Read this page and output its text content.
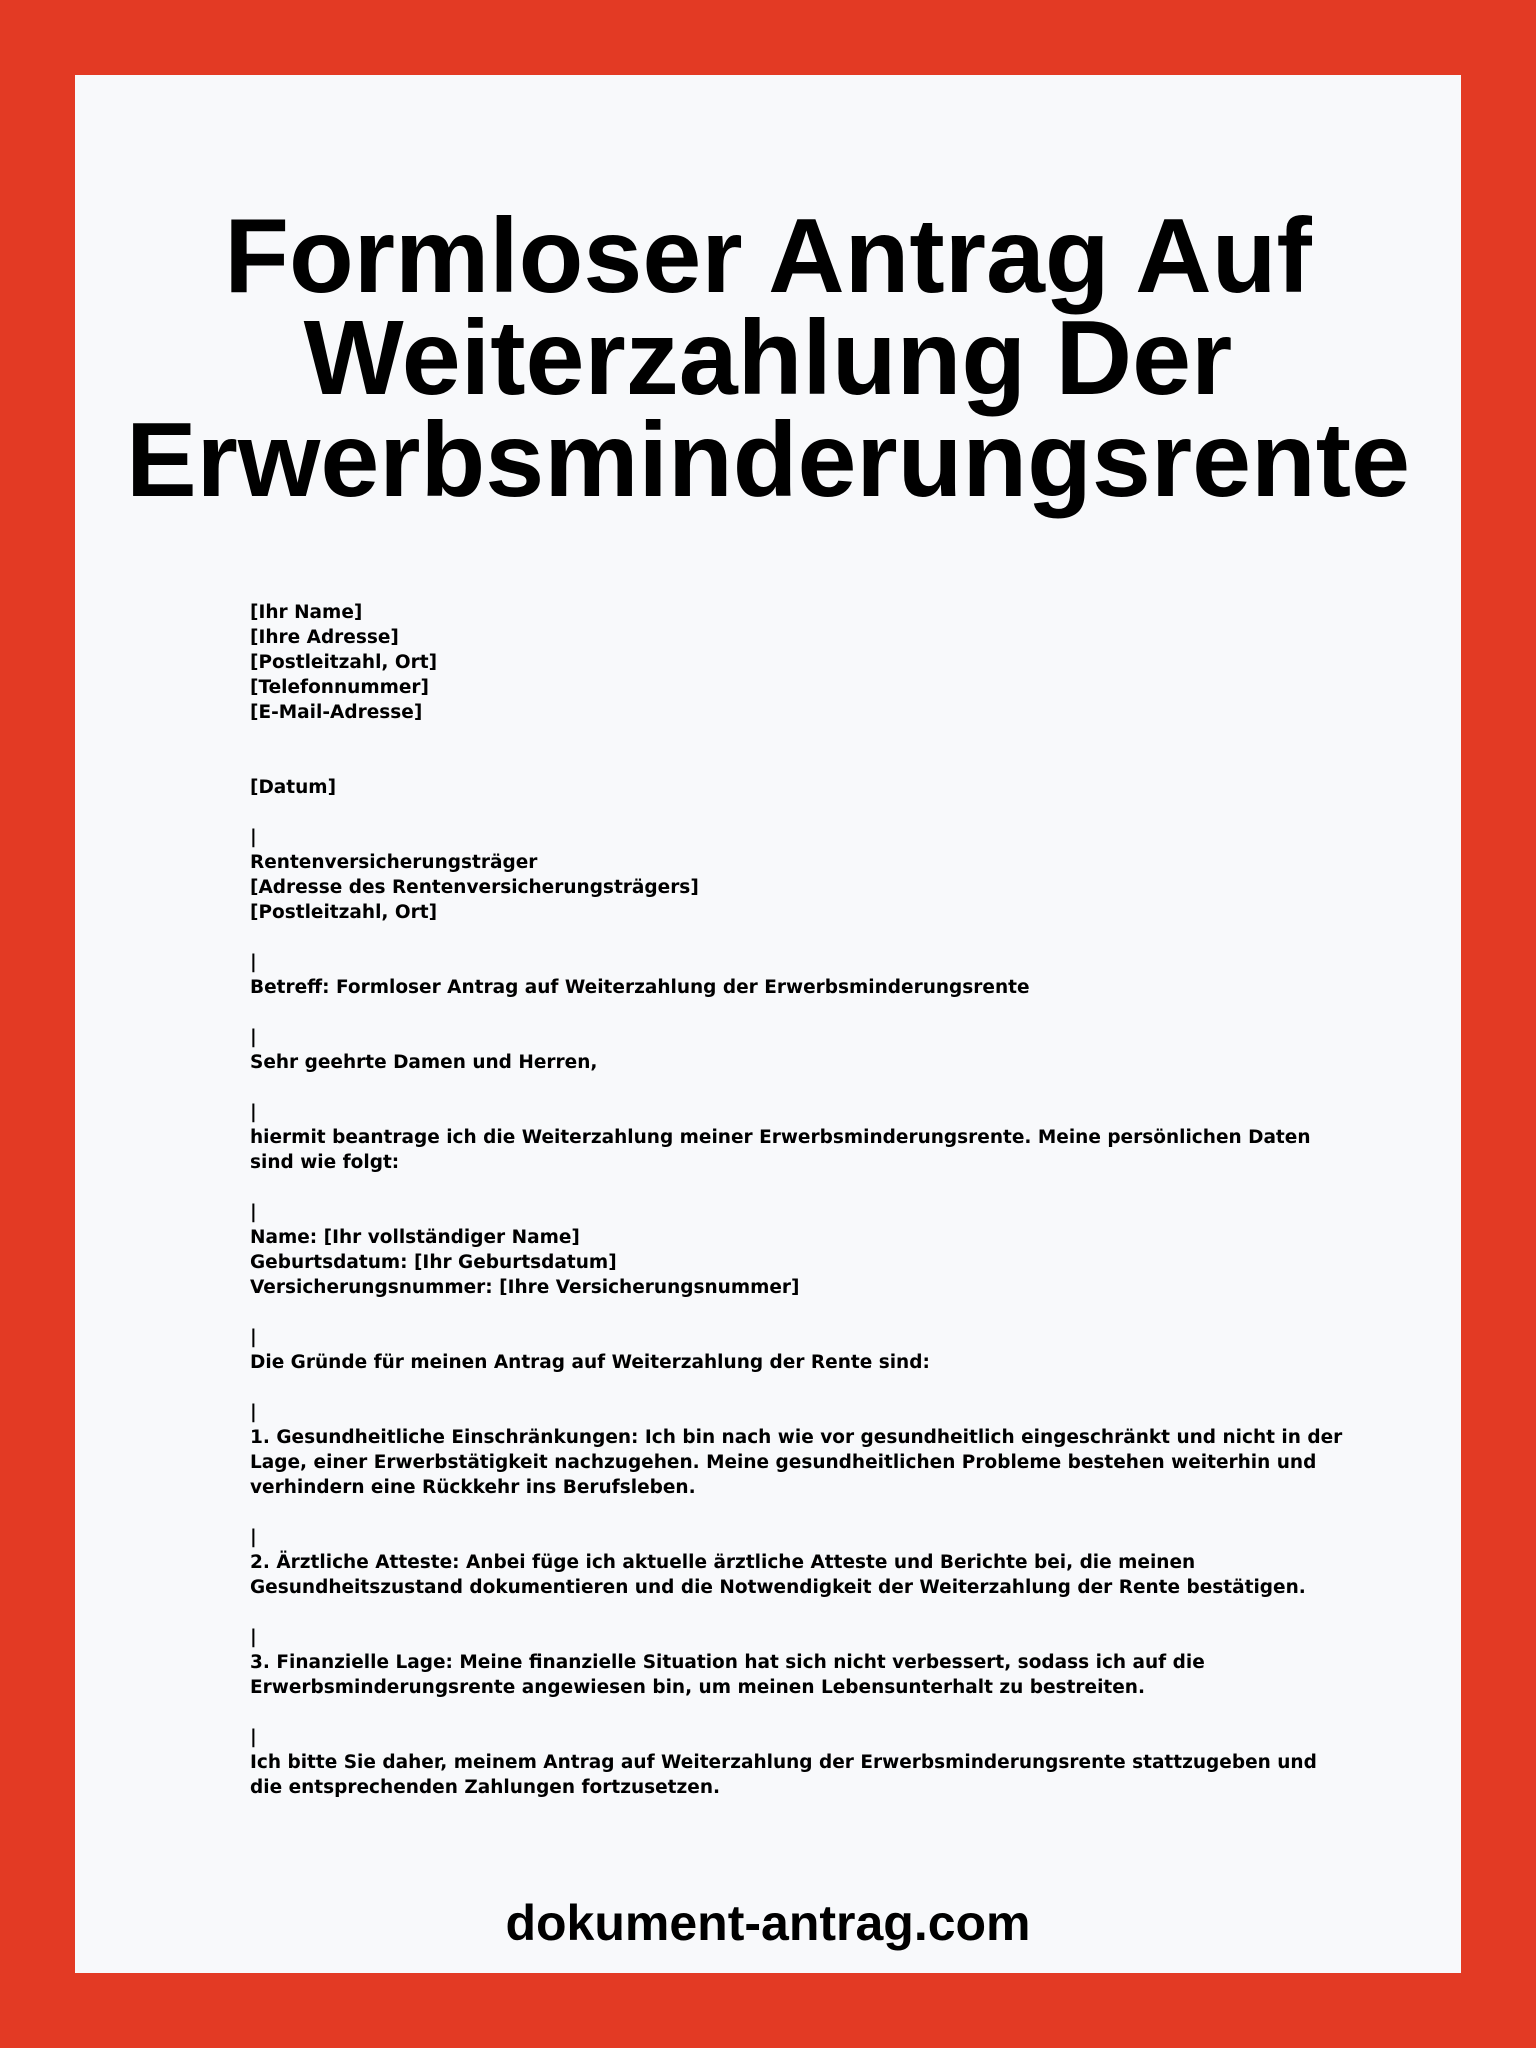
Formloser Antrag Auf
Weiterzahlung Der
Erwerbsminderungsrente

[Ihr Name]

[Ihre Adresse]

[Postleitzahl, Ort]

[Telefonnummer]

[E-Mail-Adresse]

[Datum]

|

Rentenversicherungsträger

[Adresse des Rentenversicherungsträgers]

[Postleitzahl, Ort]

|

Betreff: Formloser Antrag auf Weiterzahlung der Erwerbsminderungsrente

|

Sehr geehrte Damen und Herren,

|

hiermit beantrage ich die Weiterzahlung meiner Erwerbsminderungsrente. Meine persönlichen Daten sind wie folgt:

|

Name: [Ihr vollständiger Name]

Geburtsdatum: [Ihr Geburtsdatum]

Versicherungsnummer: [Ihre Versicherungsnummer]

|

Die Gründe für meinen Antrag auf Weiterzahlung der Rente sind:

|

1. Gesundheitliche Einschränkungen: Ich bin nach wie vor gesundheitlich eingeschränkt und nicht in der Lage, einer Erwerbstätigkeit nachzugehen. Meine gesundheitlichen Probleme bestehen weiterhin und verhindern eine Rückkehr ins Berufsleben.

|

2. Ärztliche Atteste: Anbei füge ich aktuelle ärztliche Atteste und Berichte bei, die meinen Gesundheitszustand dokumentieren und die Notwendigkeit der Weiterzahlung der Rente bestätigen.

|

3. Finanzielle Lage: Meine finanzielle Situation hat sich nicht verbessert, sodass ich auf die Erwerbsminderungsrente angewiesen bin, um meinen Lebensunterhalt zu bestreiten.

|

Ich bitte Sie daher, meinem Antrag auf Weiterzahlung der Erwerbsminderungsrente stattzugeben und die entsprechenden Zahlungen fortzusetzen.

dokument-antrag.com
